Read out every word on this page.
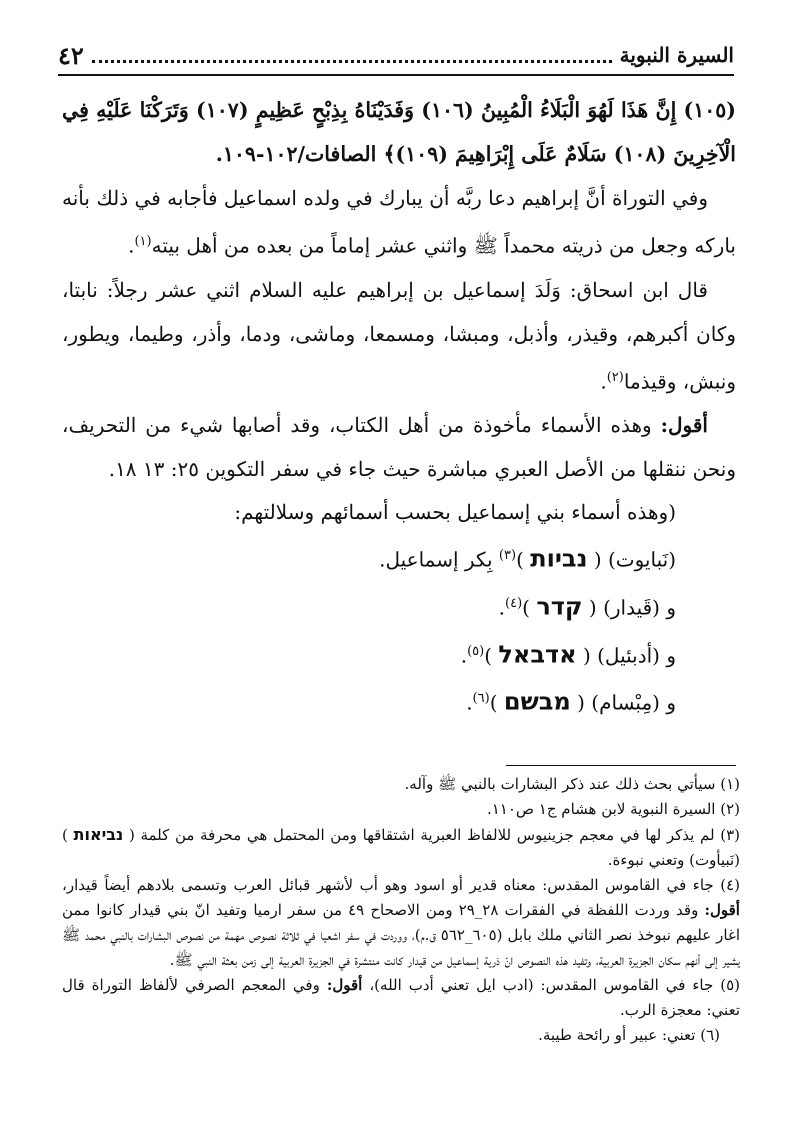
السيرة النبوية
٤٢

(١٠٥) إِنَّ هَذَا لَهُوَ الْبَلَاءُ الْمُبِينُ (١٠٦) وَفَدَيْنَاهُ بِذِبْحٍ عَظِيمٍ (١٠٧) وَتَرَكْنَا عَلَيْهِ فِي الْآخِرِينَ (١٠٨) سَلَامٌ عَلَى إِبْرَاهِيمَ (١٠٩)﴾ الصافات/١٠٢-١٠٩.

وفي التوراة أنَّ إبراهيم دعا ربَّه أن يبارك في ولده اسماعيل فأجابه في ذلك بأنه باركه وجعل من ذريته محمداً ﷺ واثني عشر إماماً من بعده من أهل بيته$^{(١)}$.

قال ابن اسحاق: وَلَدَ إسماعيل بن إبراهيم عليه السلام اثني عشر رجلاً: نابتا، وكان أكبرهم، وقيذر، وأذبل، ومبشا، ومسمعا، وماشى، ودما، وأذر، وطيما، ويطور، ونبش، وقيذما$^{(٢)}$.

أقول: وهذه الأسماء مأخوذة من أهل الكتاب، وقد أصابها شيء من التحريف، ونحن ننقلها من الأصل العبري مباشرة حيث جاء في سفر التكوين ٢٥: ١٣ ١٨.

(وهذه أسماء بني إسماعيل بحسب أسمائهم وسلالتهم:
(نَبايوت) ( נביות )$^{(٣)}$ بِكر إسماعيل.
و (قَيدار) ( קדר )$^{(٤)}$.
و (أدبئيل) ( אדבאל )$^{(٥)}$.
و (مِبْسام) ( מבשם )$^{(٦)}$.

(١) سيأتي بحث ذلك عند ذكر البشارات بالنبي ﷺ وآله.

(٢) السيرة النبوية لابن هشام ج١ ص١١٠.

(٣) لم يذكر لها في معجم جزينيوس للالفاظ العبرية اشتقاقها ومن المحتمل هي محرفة من كلمة ( נביאות ) (نَبيأوت) وتعني نبوءة.

(٤) جاء في القاموس المقدس: معناه قدير أو اسود وهو أب لأشهر قبائل العرب وتسمى بلادهم أيضاً قيدار، أقول: وقد وردت اللفظة في الفقرات ٢٨_٢٩ ومن الاصحاح ٤٩ من سفر ارميا وتفيد انّ بني قيدار كانوا ممن اغار عليهم نبوخذ نصر الثاني ملك بابل (٦٠٥_٥٦٢ ق.م)، ووردت في سفر اشعيا في ثلاثة نصوص مهمة من نصوص البشارات بالنبي محمد ﷺ يشير إلى أنهم سكان الجزيرة العربية، وتفيد هذه النصوص انّ ذرية إسماعيل من قيدار كانت منتشرة في الجزيرة العربية إلى زمن بعثة النبي ﷺ.

(٥) جاء في القاموس المقدس: (ادب ايل تعني أدب الله)، أقول: وفي المعجم الصرفي لألفاظ التوراة قال تعني: معجزة الرب.

(٦) تعني: عبير أو رائحة طيبة.
